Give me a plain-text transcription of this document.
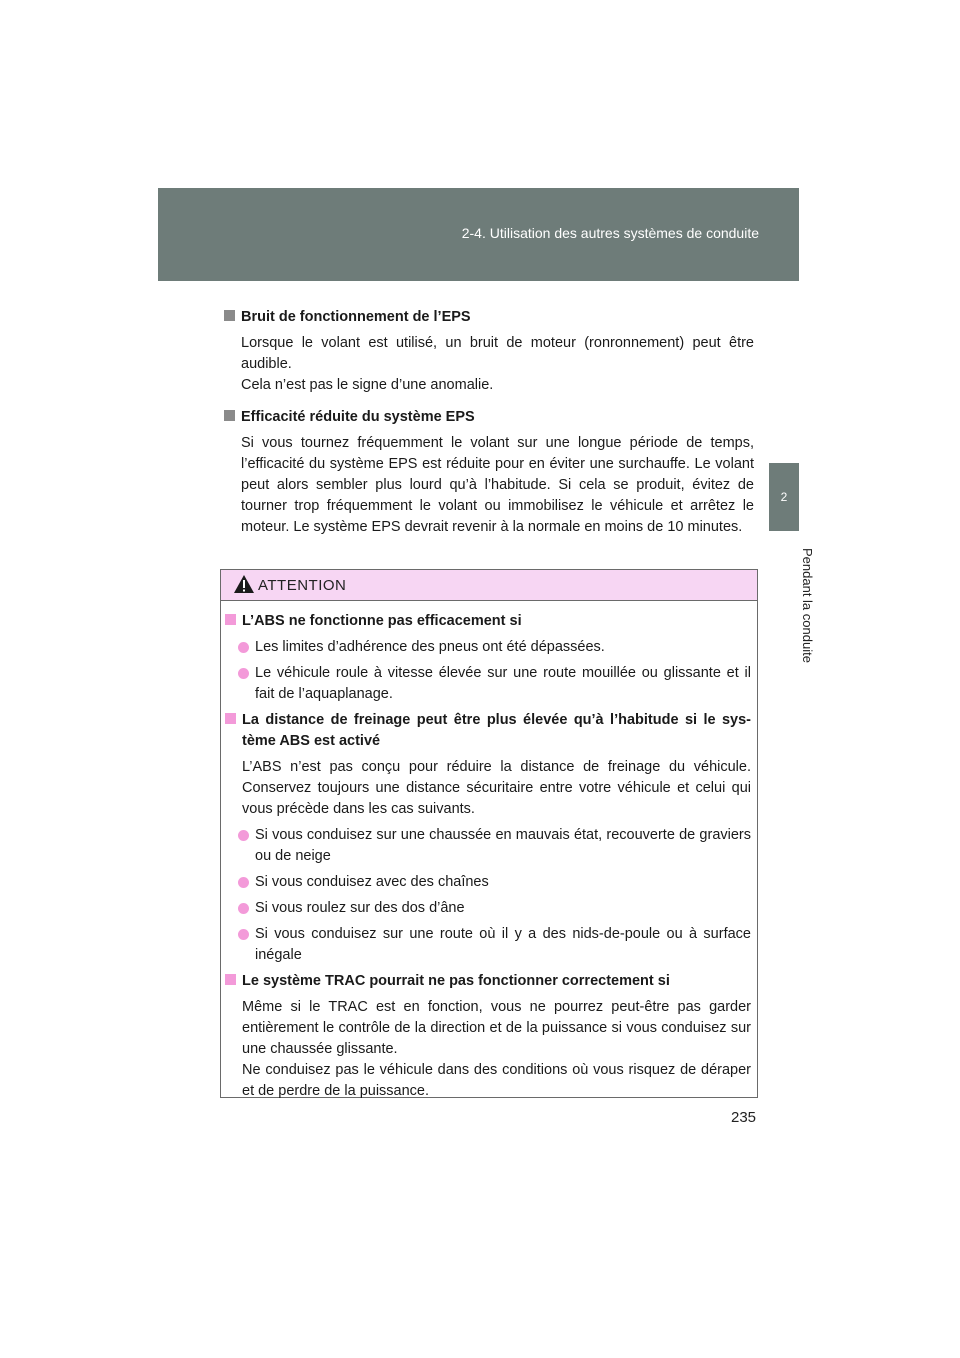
2-4. Utilisation des autres systèmes de conduite
2
Pendant la conduite
Bruit de fonctionnement de l’EPS
Lorsque le volant est utilisé, un bruit de moteur (ronronnement) peut être audible.
Cela n’est pas le signe d’une anomalie.
Efficacité réduite du système EPS
Si vous tournez fréquemment le volant sur une longue période de temps, l’efficacité du système EPS est réduite pour en éviter une surchauffe. Le volant peut alors sembler plus lourd qu’à l’habitude. Si cela se produit, évitez de tourner trop fréquemment le volant ou immobilisez le véhicule et arrêtez le moteur. Le système EPS devrait revenir à la normale en moins de 10 minutes.
ATTENTION
L’ABS ne fonctionne pas efficacement si
Les limites d’adhérence des pneus ont été dépassées.
Le véhicule roule à vitesse élevée sur une route mouillée ou glissante et il fait de l’aquaplanage.
La distance de freinage peut être plus élevée qu’à l’habitude si le sys-tème ABS est activé
L’ABS n’est pas conçu pour réduire la distance de freinage du véhicule. Conservez toujours une distance sécuritaire entre votre véhicule et celui qui vous précède dans les cas suivants.
Si vous conduisez sur une chaussée en mauvais état, recouverte de graviers ou de neige
Si vous conduisez avec des chaînes
Si vous roulez sur des dos d’âne
Si vous conduisez sur une route où il y a des nids-de-poule ou à surface inégale
Le système TRAC pourrait ne pas fonctionner correctement si
Même si le TRAC est en fonction, vous ne pourrez peut-être pas garder entièrement le contrôle de la direction et de la puissance si vous conduisez sur une chaussée glissante.
Ne conduisez pas le véhicule dans des conditions où vous risquez de déraper et de perdre de la puissance.
235
